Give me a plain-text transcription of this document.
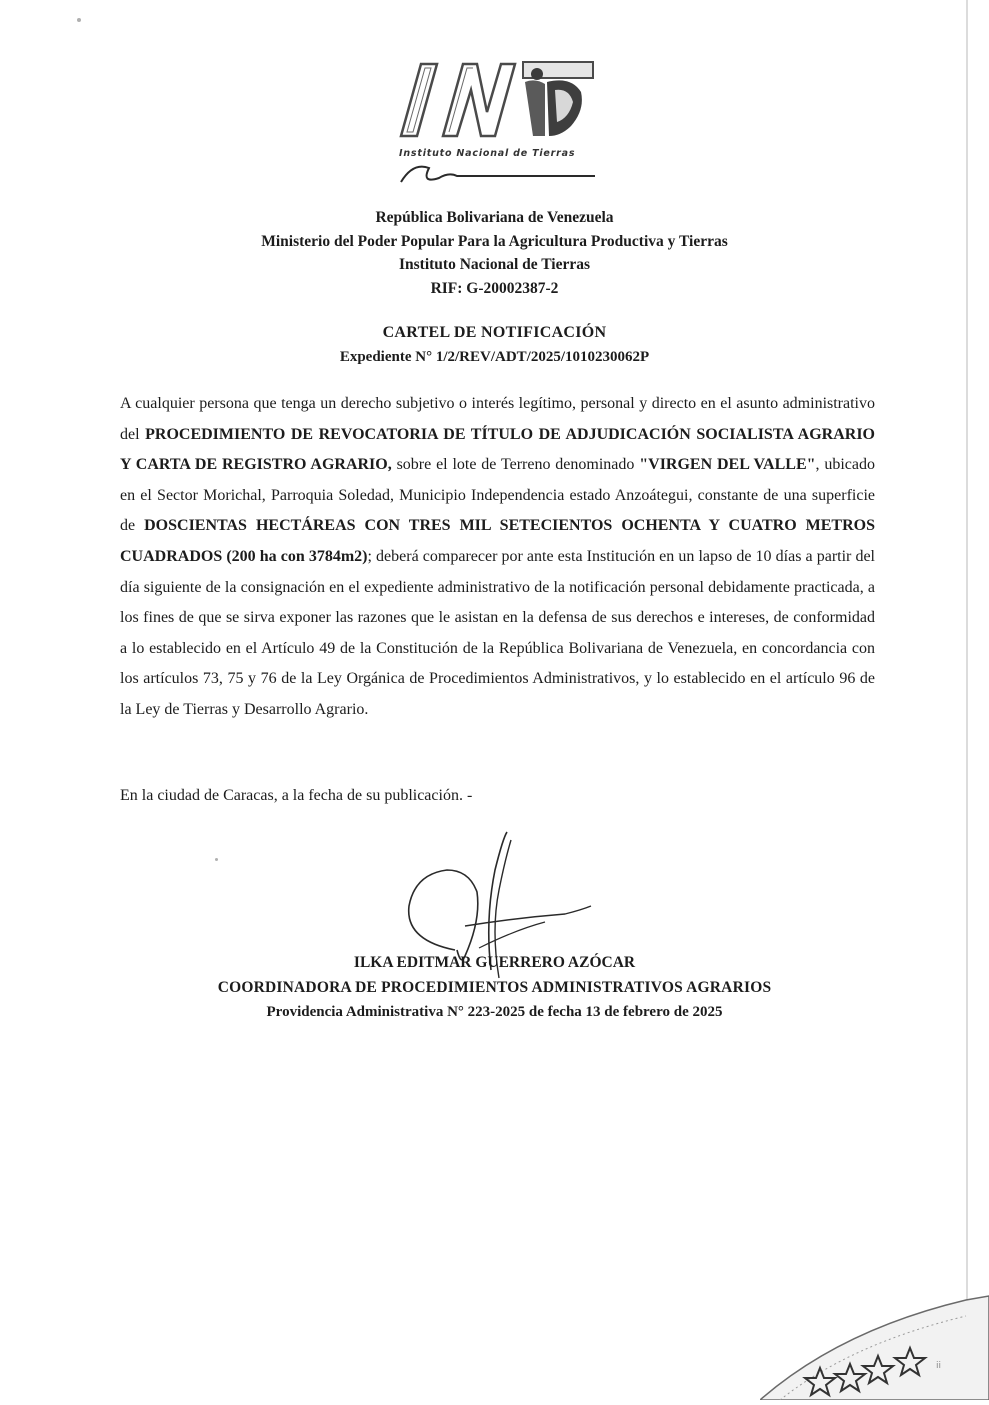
Instituto Nacional de Tierras
República Bolivariana de Venezuela
Ministerio del Poder Popular Para la Agricultura Productiva y Tierras
Instituto Nacional de Tierras
RIF: G-20002387-2
CARTEL DE NOTIFICACIÓN
Expediente N° 1/2/REV/ADT/2025/1010230062P

A cualquier persona que tenga un derecho subjetivo o interés legítimo, personal y directo en el asunto administrativo del PROCEDIMIENTO DE REVOCATORIA DE TÍTULO DE ADJUDICACIÓN SOCIALISTA AGRARIO Y CARTA DE REGISTRO AGRARIO, sobre el lote de Terreno denominado "VIRGEN DEL VALLE", ubicado en el Sector Morichal, Parroquia Soledad, Municipio Independencia estado Anzoátegui, constante de una superficie de DOSCIENTAS HECTÁREAS CON TRES MIL SETECIENTOS OCHENTA Y CUATRO METROS CUADRADOS (200 ha con 3784m2); deberá comparecer por ante esta Institución en un lapso de 10 días a partir del día siguiente de la consignación en el expediente administrativo de la notificación personal debidamente practicada, a los fines de que se sirva exponer las razones que le asistan en la defensa de sus derechos e intereses, de conformidad a lo establecido en el Artículo 49 de la Constitución de la República Bolivariana de Venezuela, en concordancia con los artículos 73, 75 y 76 de la Ley Orgánica de Procedimientos Administrativos, y lo establecido en el artículo 96 de la Ley de Tierras y Desarrollo Agrario.

En la ciudad de Caracas, a la fecha de su publicación. -
ILKA EDITMAR GUERRERO AZÓCAR
COORDINADORA DE PROCEDIMIENTOS ADMINISTRATIVOS AGRARIOS
Providencia Administrativa N° 223-2025 de fecha 13 de febrero de 2025
ii
